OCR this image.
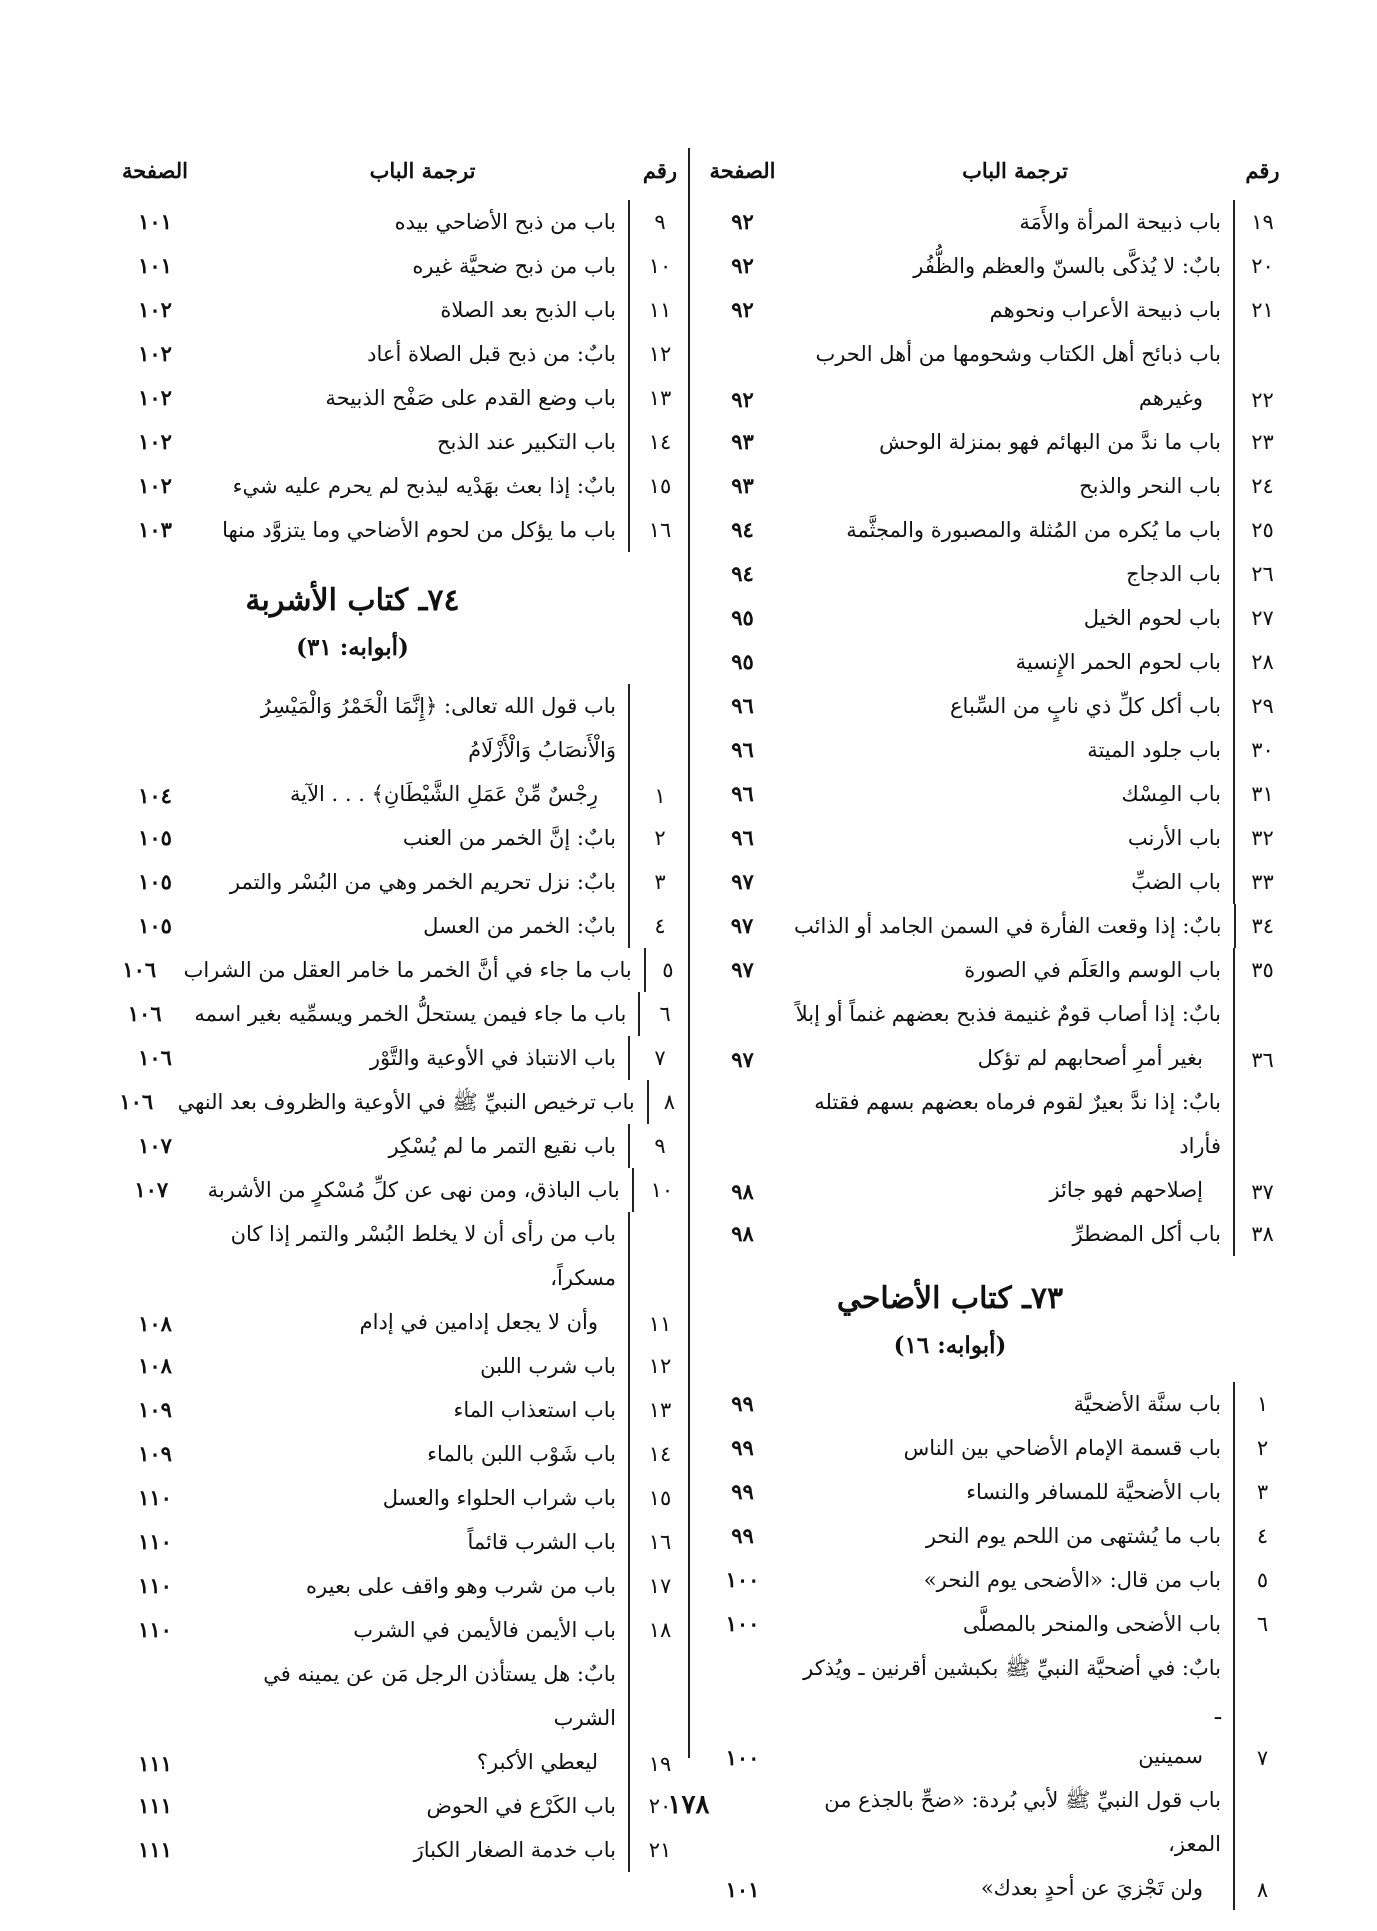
رقم
ترجمة الباب
الصفحة
١٩
باب ذبيحة المرأة والأَمَة
٩٢
٢٠
بابٌ: لا يُذكَّى بالسنّ والعظم والظُّفُر
٩٢
٢١
باب ذبيحة الأعراب ونحوهم
٩٢
٢٢
باب ذبائح أهل الكتاب وشحومها من أهل الحرب
وغيرهم
٩٢
٢٣
باب ما ندَّ من البهائم فهو بمنزلة الوحش
٩٣
٢٤
باب النحر والذبح
٩٣
٢٥
باب ما يُكره من المُثلة والمصبورة والمجثَّمة
٩٤
٢٦
باب الدجاج
٩٤
٢٧
باب لحوم الخيل
٩٥
٢٨
باب لحوم الحمر الإِنسية
٩٥
٢٩
باب أكل كلِّ ذي نابٍ من السِّباع
٩٦
٣٠
باب جلود الميتة
٩٦
٣١
باب المِسْك
٩٦
٣٢
باب الأرنب
٩٦
٣٣
باب الضبِّ
٩٧
٣٤
بابٌ: إذا وقعت الفأرة في السمن الجامد أو الذائب
٩٧
٣٥
باب الوسم والعَلَم في الصورة
٩٧
٣٦
بابٌ: إذا أصاب قومٌ غنيمة فذبح بعضهم غنماً أو إبلاً
بغير أمرِ أصحابهم لم تؤكل
٩٧
٣٧
بابٌ: إذا ندَّ بعيرٌ لقوم فرماه بعضهم بسهم فقتله فأراد
إصلاحهم فهو جائز
٩٨
٣٨
باب أكل المضطرِّ
٩٨
٧٣ـ كتاب الأضاحي
(أبوابه: ١٦)
١
باب سنَّة الأضحيَّة
٩٩
٢
باب قسمة الإمام الأضاحي بين الناس
٩٩
٣
باب الأضحيَّة للمسافر والنساء
٩٩
٤
باب ما يُشتهى من اللحم يوم النحر
٩٩
٥
باب من قال: «الأضحى يوم النحر»
١٠٠
٦
باب الأضحى والمنحر بالمصلَّى
١٠٠
٧
بابٌ: في أضحيَّة النبيِّ ﷺ بكبشين أقرنين ـ ويُذكر ـ
سمينين
١٠٠
٨
باب قول النبيِّ ﷺ لأبي بُردة: «ضحِّ بالجذع من المعز،
ولن تَجْزيَ عن أحدٍ بعدك»
١٠١
رقم
ترجمة الباب
الصفحة
٩
باب من ذبح الأضاحي بيده
١٠١
١٠
باب من ذبح ضحيَّة غيره
١٠١
١١
باب الذبح بعد الصلاة
١٠٢
١٢
بابٌ: من ذبح قبل الصلاة أعاد
١٠٢
١٣
باب وضع القدم على صَفْح الذبيحة
١٠٢
١٤
باب التكبير عند الذبح
١٠٢
١٥
بابٌ: إذا بعث بهَدْيه ليذبح لم يحرم عليه شيء
١٠٢
١٦
باب ما يؤكل من لحوم الأضاحي وما يتزوَّد منها
١٠٣
٧٤ـ كتاب الأشربة
(أبوابه: ٣١)
١
باب قول الله تعالى: ﴿إِنَّمَا الْخَمْرُ وَالْمَيْسِرُ وَالْأَنصَابُ وَالْأَزْلَامُ
رِجْسٌ مِّنْ عَمَلِ الشَّيْطَانِ﴾ . . . الآية
١٠٤
٢
بابٌ: إنَّ الخمر من العنب
١٠٥
٣
بابٌ: نزل تحريم الخمر وهي من البُسْر والتمر
١٠٥
٤
بابٌ: الخمر من العسل
١٠٥
٥
باب ما جاء في أنَّ الخمر ما خامر العقل من الشراب
١٠٦
٦
باب ما جاء فيمن يستحلُّ الخمر ويسمِّيه بغير اسمه
١٠٦
٧
باب الانتباذ في الأوعية والتَّوْر
١٠٦
٨
باب ترخيص النبيِّ ﷺ في الأوعية والظروف بعد النهي
١٠٦
٩
باب نقيع التمر ما لم يُسْكِر
١٠٧
١٠
باب الباذق، ومن نهى عن كلِّ مُسْكرٍ من الأشربة
١٠٧
١١
باب من رأى أن لا يخلط البُسْر والتمر إذا كان مسكراً،
وأن لا يجعل إدامين في إدام
١٠٨
١٢
باب شرب اللبن
١٠٨
١٣
باب استعذاب الماء
١٠٩
١٤
باب شَوْب اللبن بالماء
١٠٩
١٥
باب شراب الحلواء والعسل
١١٠
١٦
باب الشرب قائماً
١١٠
١٧
باب من شرب وهو واقف على بعيره
١١٠
١٨
باب الأيمن فالأيمن في الشرب
١١٠
١٩
بابٌ: هل يستأذن الرجل مَن عن يمينه في الشرب
ليعطي الأكبر؟
١١١
٢٠
باب الكَرْع في الحوض
١١١
٢١
باب خدمة الصغار الكبارَ
١١١
١٧٨
